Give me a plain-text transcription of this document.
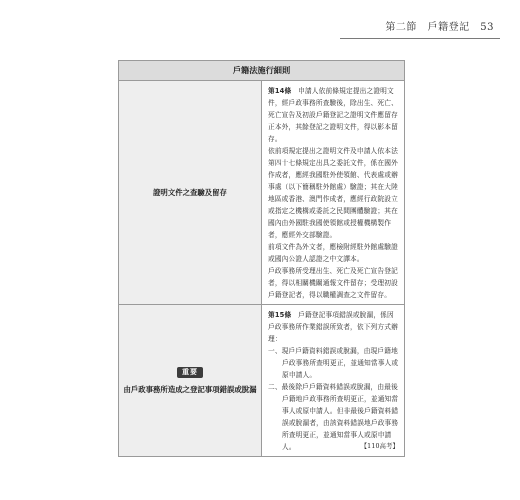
第二節 戶籍登記 53
戶籍法施行細則	

證明文件之查驗及留存	第14條　 申請人依前條規定提出之證明文件，經戶政事務所查驗後，除出生、死亡、死亡宣告及初設戶籍登記之證明文件應留存正本外，其餘登記之證明文件，得以影本留存。
依前項規定提出之證明文件及申請人依本法第四十七條規定出具之委託文件，係在國外作成者，應經我國駐外使領館、代表處或辦事處（以下簡稱駐外館處）驗證；其在大陸地區或香港、澳門作成者，應經行政院設立或指定之機構或委託之民間團體驗證；其在國內由外國駐我國使領館或授權機構製作者，應經外交部驗證。
前項文件為外文者，應檢附經駐外館處驗證或國內公證人認證之中文譯本。
戶政事務所受理出生、死亡及死亡宣告登記者，得以相關機關通報文件留存；受理初設戶籍登記者，得以職權調查之文件留存。

重要
由戶政事務所造成之登記事項錯誤或脫漏	第15條　 戶籍登記事項錯誤或脫漏，係因戶政事務所作業錯誤所致者，依下列方式辦理：
一、現戶戶籍資料錯誤或脫漏，由現戶籍地戶政事務所查明更正，並通知當事人或原申請人。
二、最後除戶戶籍資料錯誤或脫漏，由最後戶籍地戶政事務所查明更正，並通知當事人或原申請人。但非最後戶籍資料錯誤或脫漏者，由該資料錯誤地戶政事務所查明更正，並通知當事人或原申請人。 【110高考】
